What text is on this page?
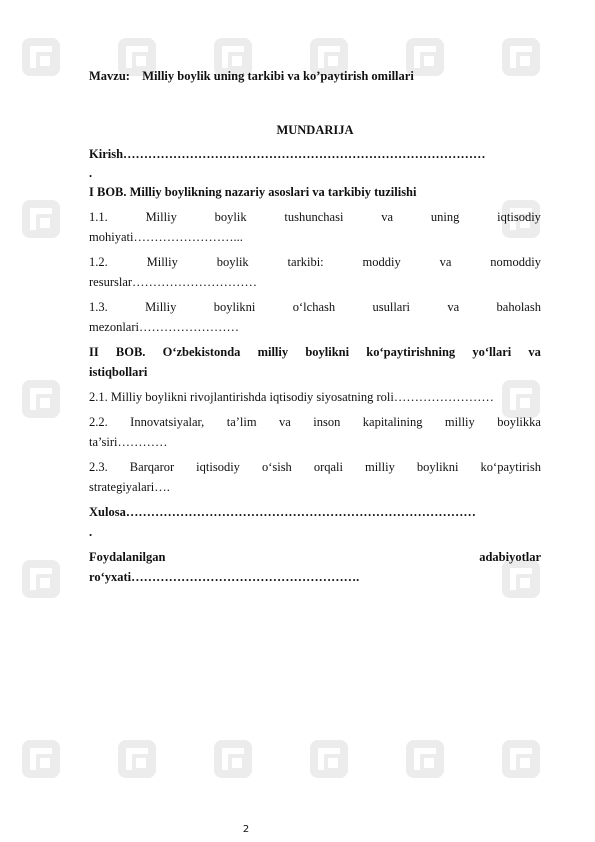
Mavzu: Milliy boylik uning tarkibi va ko’paytirish omillari
MUNDARIJA
Kirish……………………………………………………………………………
.
I BOB. Milliy boylikning nazariy asoslari va tarkibiy tuzilishi
1.1.	Milliy	boylik	tushunchasi	va	uning	iqtisodiy
mohiyati……………………...
1.2.	Milliy	boylik	tarkibi:	moddiy	va	nomoddiy
resurslar…………………………
1.3.	Milliy	boylikni	o‘lchash	usullari	va	baholash
mezonlari……………………
II BOB. O‘zbekistonda milliy boylikni ko‘paytirishning yo‘llari va
istiqbollari
2.1. Milliy boylikni rivojlantirishda iqtisodiy siyosatning roli……………………
2.2. Innovatsiyalar, ta’lim va inson kapitalining milliy boylikka
ta’siri…………
2.3. Barqaror iqtisodiy o‘sish orqali milliy boylikni ko‘paytirish
strategiyalari….
Xulosa…………………………………………………………………………
.
Foydalanilgan	adabiyotlar
ro‘yxati……………………………………………….
2
